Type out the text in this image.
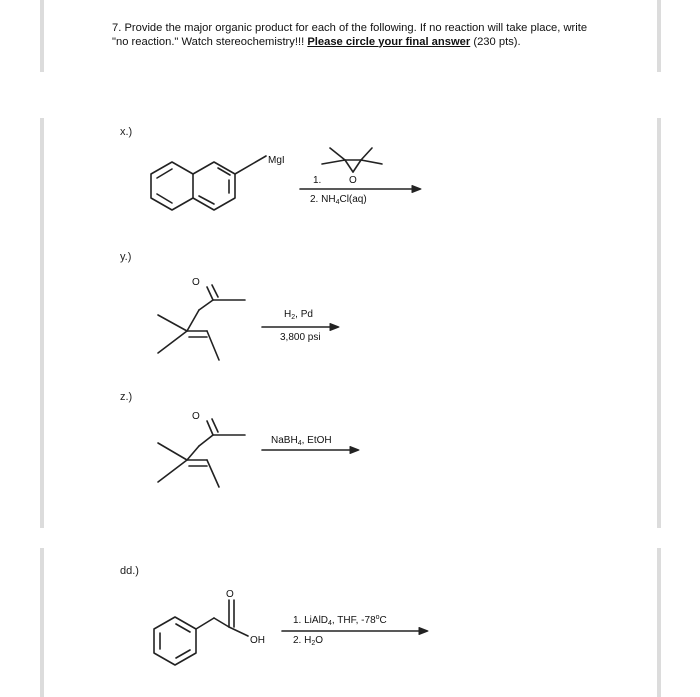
7. Provide the major organic product for each of the following. If no reaction will take place, write "no reaction." Watch stereochemistry!!! Please circle your final answer (230 pts).
x.)
y.)
z.)
dd.)
MgI
O
1.
2. $NH_4Cl(aq)$
O
$H_2$, Pd
3,800 psi
O
NaBH$_4$, EtOH
O
OH
1. LiAlD$_4$, THF, -78$^o$C
2. $H_2O$
